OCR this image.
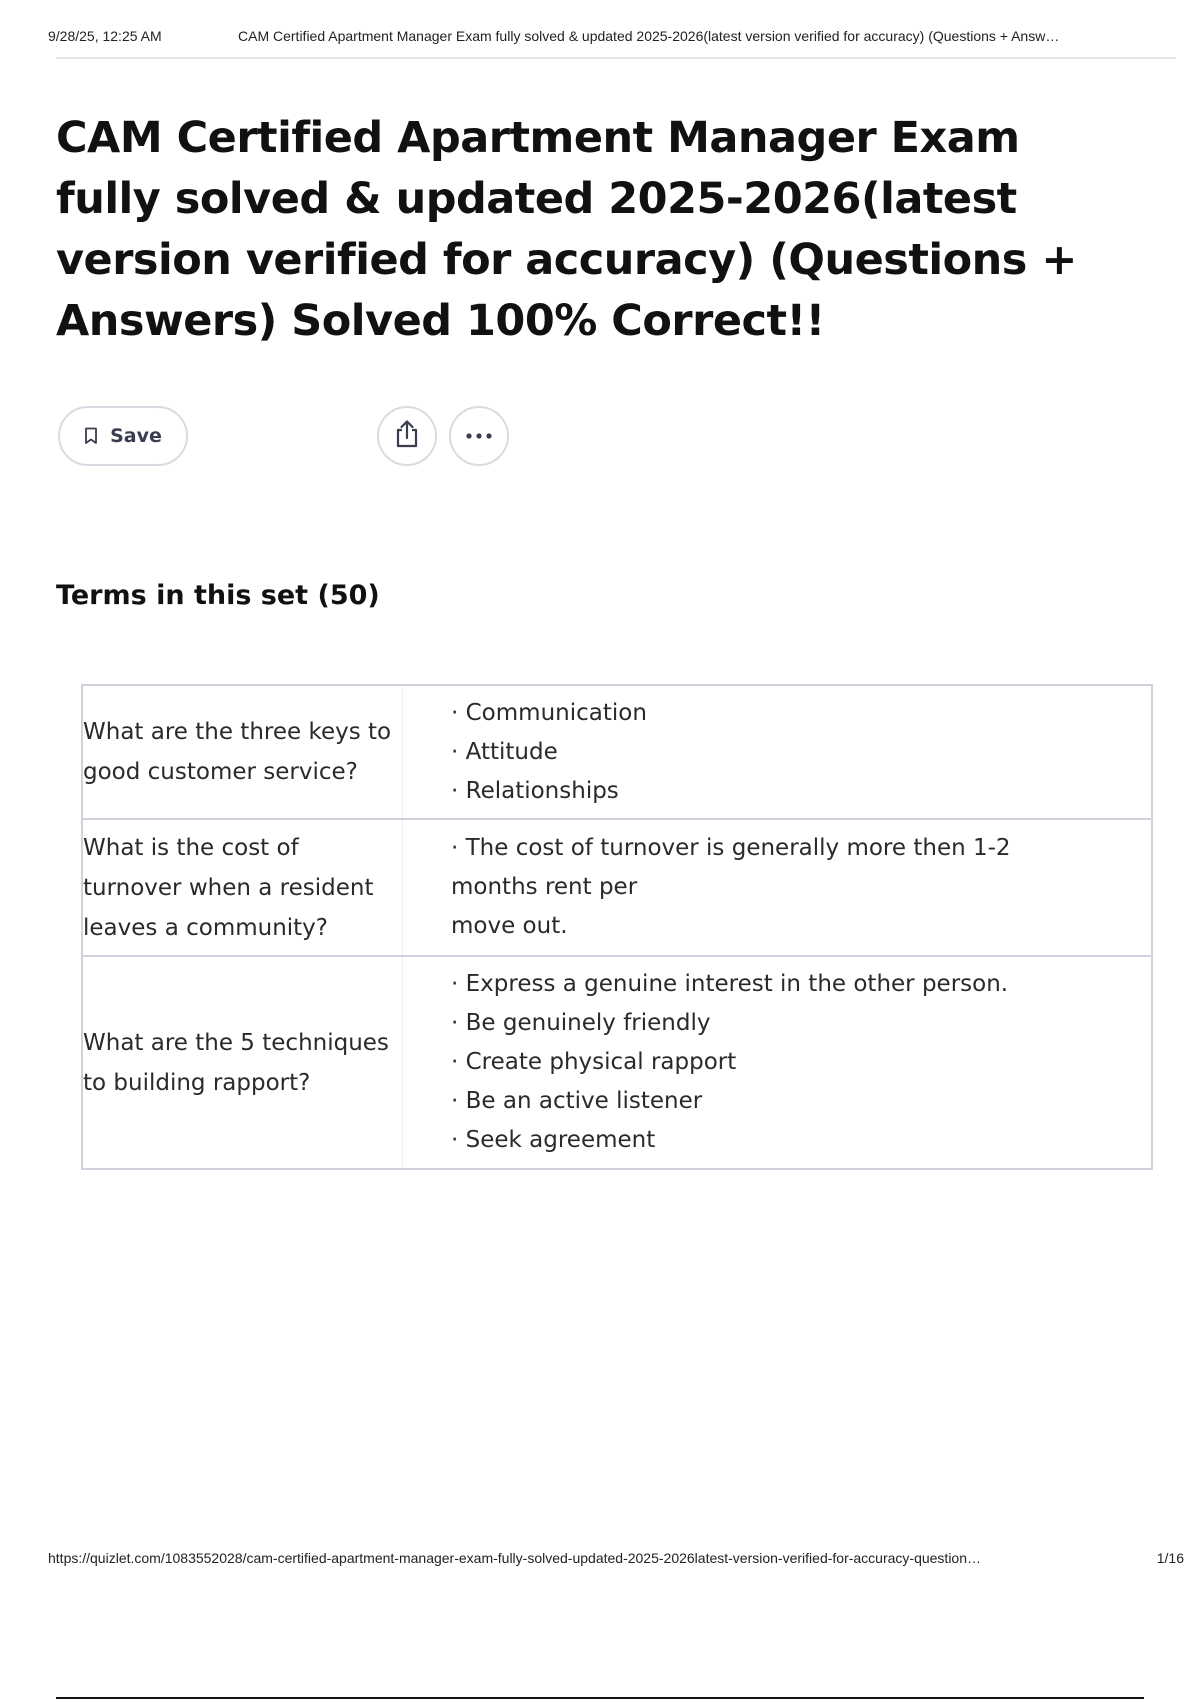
9/28/25, 12:25 AM	CAM Certified Apartment Manager Exam fully solved & updated 2025-2026(latest version verified for accuracy) (Questions + Answ…
CAM Certified Apartment Manager Exam fully solved & updated 2025-2026(latest version verified for accuracy) (Questions + Answers) Solved 100% Correct!!
Save
Terms in this set (50)
What are the three keys to good customer service?
· Communication
· Attitude
· Relationships
What is the cost of turnover when a resident leaves a community?
· The cost of turnover is generally more then 1-2
months rent per
move out.
What are the 5 techniques to building rapport?
· Express a genuine interest in the other person.
· Be genuinely friendly
· Create physical rapport
· Be an active listener
· Seek agreement
https://quizlet.com/1083552028/cam-certified-apartment-manager-exam-fully-solved-updated-2025-2026latest-version-verified-for-accuracy-question…	1/16
